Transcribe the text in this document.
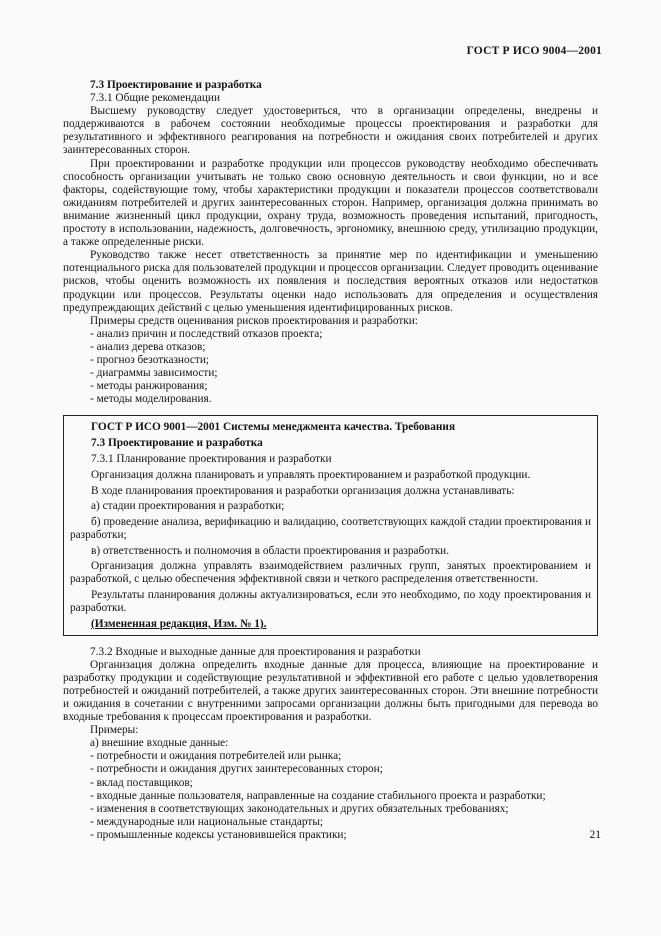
ГОСТ Р ИСО 9004—2001

7.3 Проектирование и разработка

7.3.1 Общие рекомендации

Высшему руководству следует удостовериться, что в организации определены, внедрены и поддерживаются в рабочем состоянии необходимые процессы проектирования и разработки для результативного и эффективного реагирования на потребности и ожидания своих потребителей и других заинтересованных сторон.

При проектировании и разработке продукции или процессов руководству необходимо обеспечивать способность организации учитывать не только свою основную деятельность и свои функции, но и все факторы, содействующие тому, чтобы характеристики продукции и показатели процессов соответствовали ожиданиям потребителей и других заинтересованных сторон. Например, организация должна принимать во внимание жизненный цикл продукции, охрану труда, возможность проведения испытаний, пригодность, простоту в использовании, надежность, долговечность, эргономику, внешнюю среду, утилизацию продукции, а также определенные риски.

Руководство также несет ответственность за принятие мер по идентификации и уменьшению потенциального риска для пользователей продукции и процессов организации. Следует проводить оценивание рисков, чтобы оценить возможность их появления и последствия вероятных отказов или недостатков продукции или процессов. Результаты оценки надо использовать для определения и осуществления предупреждающих действий с целью уменьшения идентифицированных рисков.

Примеры средств оценивания рисков проектирования и разработки:

- анализ причин и последствий отказов проекта;

- анализ дерева отказов;

- прогноз безотказности;

- диаграммы зависимости;

- методы ранжирования;

- методы моделирования.

ГОСТ Р ИСО 9001—2001 Системы менеджмента качества. Требования

7.3 Проектирование и разработка

7.3.1 Планирование проектирования и разработки

Организация должна планировать и управлять проектированием и разработкой продукции.

В ходе планирования проектирования и разработки организация должна устанавливать:

а) стадии проектирования и разработки;

б) проведение анализа, верификацию и валидацию, соответствующих каждой стадии проектирования и разработки;

в) ответственность и полномочия в области проектирования и разработки.

Организация должна управлять взаимодействием различных групп, занятых проектированием и разработкой, с целью обеспечения эффективной связи и четкого распределения ответственности.

Результаты планирования должны актуализироваться, если это необходимо, по ходу проектирования и разработки.

(Измененная редакция, Изм. № 1).

7.3.2 Входные и выходные данные для проектирования и разработки

Организация должна определить входные данные для процесса, влияющие на проектирование и разработку продукции и содействующие результативной и эффективной его работе с целью удовлетворения потребностей и ожиданий потребителей, а также других заинтересованных сторон. Эти внешние потребности и ожидания в сочетании с внутренними запросами организации должны быть пригодными для перевода во входные требования к процессам проектирования и разработки.

Примеры:

а) внешние входные данные:

- потребности и ожидания потребителей или рынка;

- потребности и ожидания других заинтересованных сторон;

- вклад поставщиков;

- входные данные пользователя, направленные на создание стабильного проекта и разработки;

- изменения в соответствующих законодательных и других обязательных требованиях;

- международные или национальные стандарты;

- промышленные кодексы установившейся практики;	21
